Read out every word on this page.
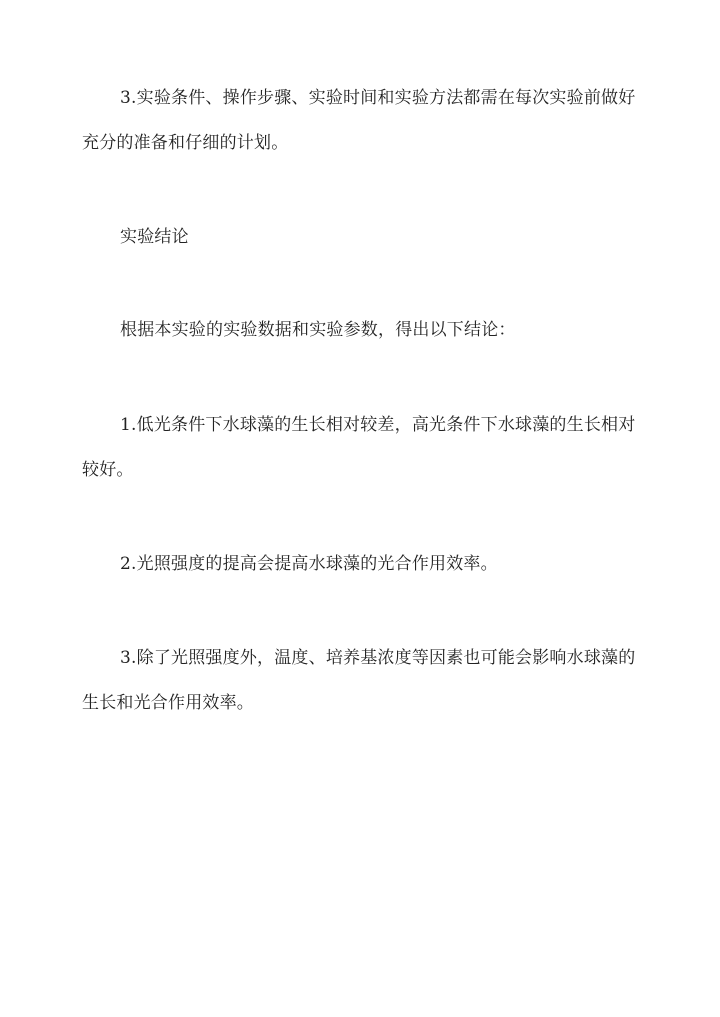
3.实验条件、操作步骤、实验时间和实验方法都需在每次实验前做好充分的准备和仔细的计划。

实验结论

根据本实验的实验数据和实验参数，得出以下结论：

1.低光条件下水球藻的生长相对较差，高光条件下水球藻的生长相对较好。

2.光照强度的提高会提高水球藻的光合作用效率。

3.除了光照强度外，温度、培养基浓度等因素也可能会影响水球藻的生长和光合作用效率。
